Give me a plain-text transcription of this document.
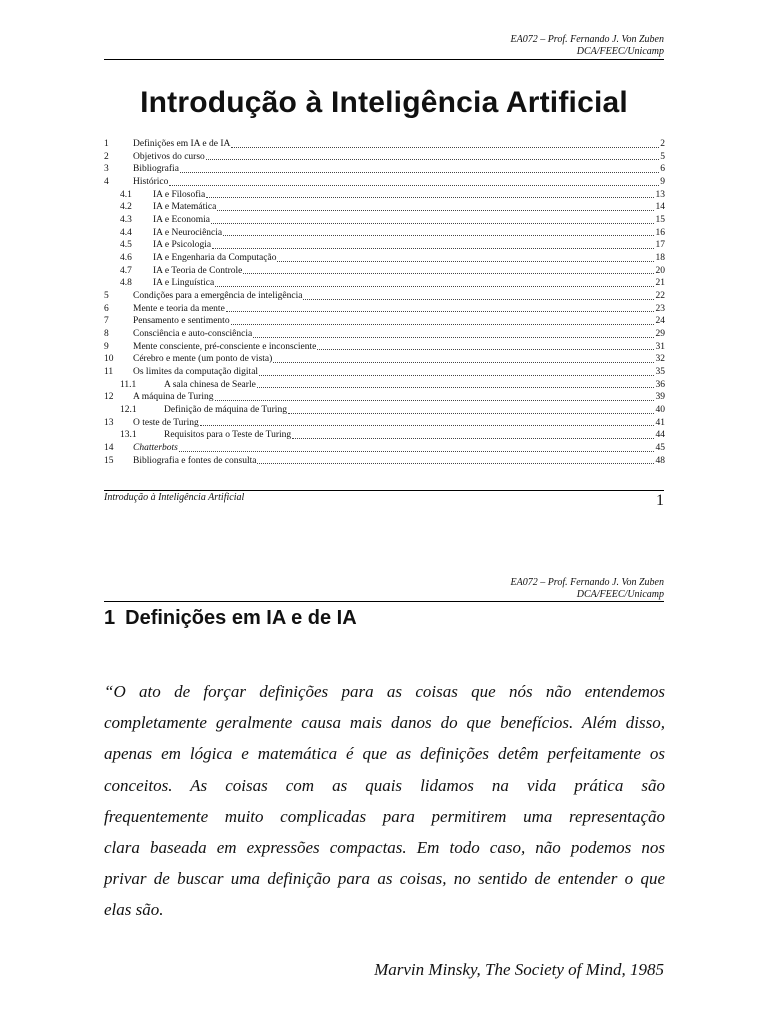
EA072 – Prof. Fernando J. Von Zuben
DCA/FEEC/Unicamp
Introdução à Inteligência Artificial
1	Definições em IA e de IA	2
2	Objetivos do curso	5
3	Bibliografia	6
4	Histórico	9
4.1 IA e Filosofia	13
4.2 IA e Matemática	14
4.3 IA e Economia	15
4.4 IA e Neurociência	16
4.5 IA e Psicologia	17
4.6 IA e Engenharia da Computação	18
4.7 IA e Teoria de Controle	20
4.8 IA e Linguística	21
5	Condições para a emergência de inteligência	22
6	Mente e teoria da mente	23
7	Pensamento e sentimento	24
8	Consciência e auto-consciência	29
9	Mente consciente, pré-consciente e inconsciente	31
10 Cérebro e mente (um ponto de vista)	32
11 Os limites da computação digital	35
11.1	A sala chinesa de Searle	36
12 A máquina de Turing	39
12.1	Definição de máquina de Turing	40
13 O teste de Turing	41
13.1	Requisitos para o Teste de Turing	44
14 Chatterbots	45
15 Bibliografia e fontes de consulta	48
Introdução à Inteligência Artificial	1
EA072 – Prof. Fernando J. Von Zuben
DCA/FEEC/Unicamp
1 Definições em IA e de IA
“O ato de forçar definições para as coisas que nós não entendemos
completamente geralmente causa mais danos do que benefícios. Além disso,
apenas em lógica e matemática é que as definições detêm perfeitamente os
conceitos. As coisas com as quais lidamos na vida prática são
frequentemente muito complicadas para permitirem uma representação
clara baseada em expressões compactas. Em todo caso, não podemos nos
privar de buscar uma definição para as coisas, no sentido de entender o que
elas são.
Marvin Minsky, The Society of Mind, 1985
